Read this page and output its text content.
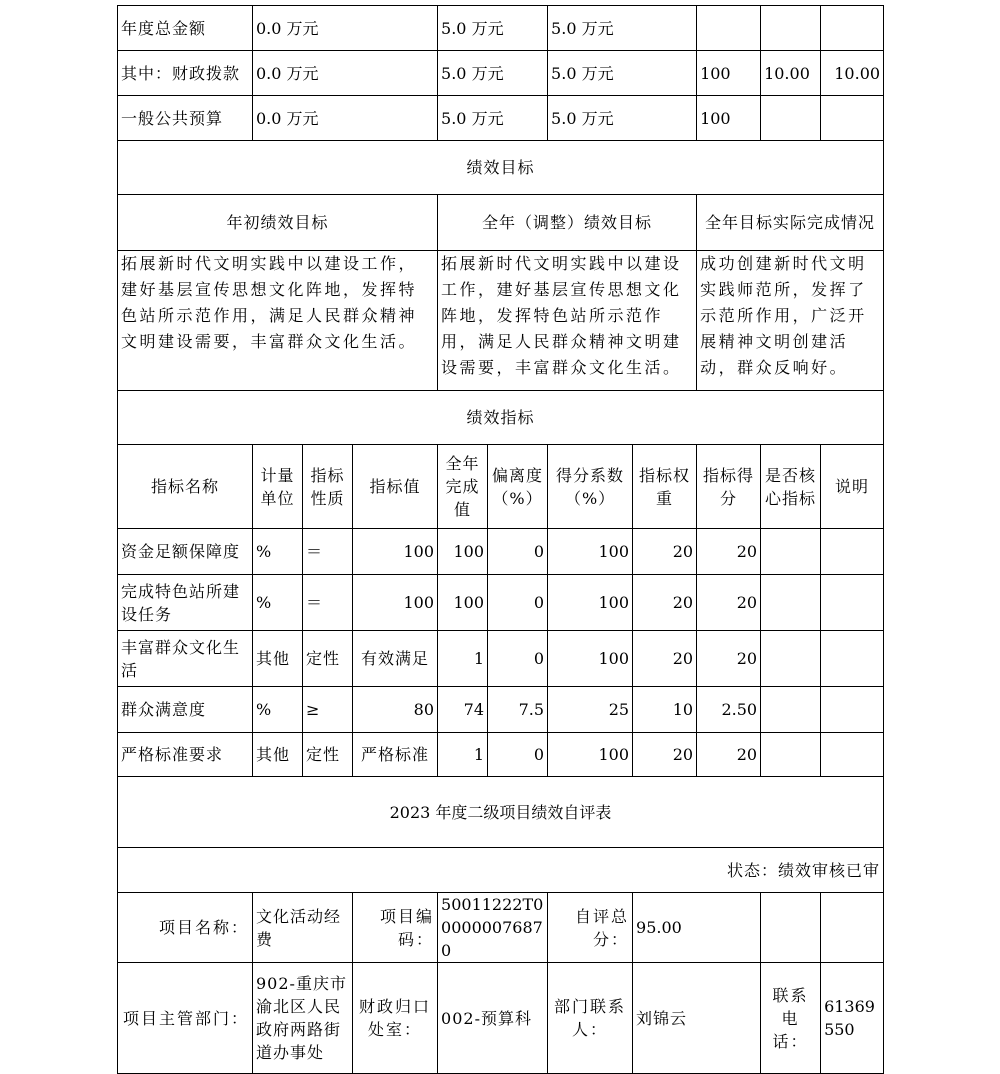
年度总金额	0.0 万元			5.0 万元		5.0 万元				
其中：财政拨款	0.0 万元			5.0 万元		5.0 万元		100	10.00	10.00
一般公共预算	0.0 万元			5.0 万元		5.0 万元		100		
绩效目标										
年初绩效目标				全年（调整）绩效目标				全年目标实际完成情况		
拓展新时代文明实践中以建设工作，建好基层宣传思想文化阵地，发挥特色站所示范作用，满足人民群众精神文明建设需要，丰富群众文化生活。				拓展新时代文明实践中以建设工作，建好基层宣传思想文化阵地，发挥特色站所示范作用，满足人民群众精神文明建设需要，丰富群众文化生活。				成功创建新时代文明实践师范所，发挥了示范所作用，广泛开展精神文明创建活动，群众反响好。		
绩效指标										
指标名称	计量单位	指标性质	指标值	全年完成值	偏离度（%）	得分系数（%）	指标权重	指标得分	是否核心指标	说明
资金足额保障度	%	＝	100	100	0	100	20	20		
完成特色站所建设任务	%	＝	100	100	0	100	20	20		
丰富群众文化生活	其他	定性	有效满足	1	0	100	20	20		
群众满意度	%	≥	80	74	7.5	25	10	2.50		
严格标准要求	其他	定性	严格标准	1	0	100	20	20		
2023 年度二级项目绩效自评表										
状态：绩效审核已审										
项目名称：	文化活动经费		项目编码：	50011222T000000076870		自评总分：	95.00			
项目主管部门：	902-重庆市渝北区人民政府两路街道办事处		财政归口处室：	002-预算科		部门联系人：	刘锦云		联系电话：	61369550
